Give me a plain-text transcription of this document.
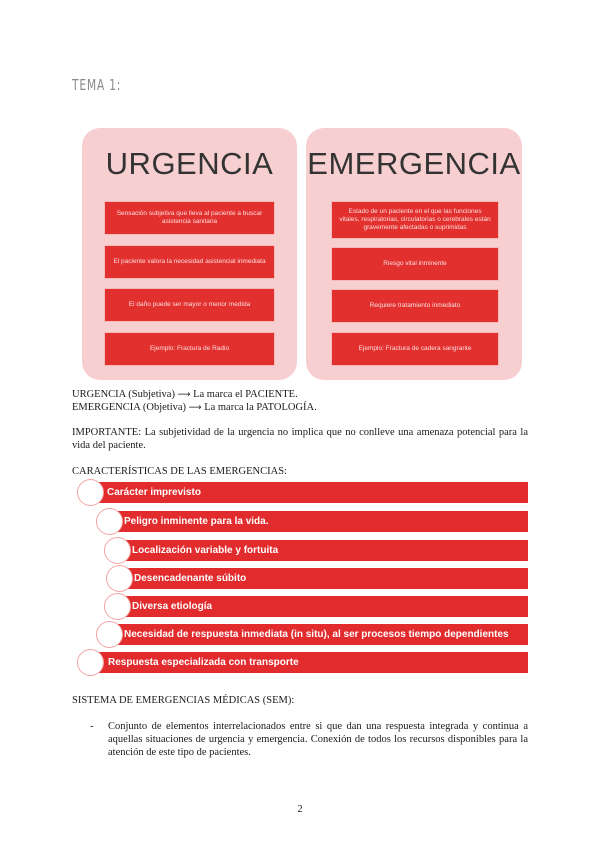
TEMA 1:
URGENCIA
Sensación subjetiva que lleva al paciente a buscar asistencia sanitaria
El paciente valora la necesidad asistencial inmediata
El daño puede ser mayor o menor medida
Ejemplo: Fractura de Radio
EMERGENCIA
Estado de un paciente en el que las funciones vitales, respiratorias, circulatorias o cerebrales están gravemente afectadas o suprimidas
Riesgo vital inminente
Requiere tratamiento inmediato
Ejemplo: Fractura de cadera sangrante
URGENCIA (Subjetiva) ⟶ La marca el PACIENTE.
EMERGENCIA (Objetiva) ⟶ La marca la PATOLOGÍA.
IMPORTANTE: La subjetividad de la urgencia no implica que no conlleve una amenaza potencial para la vida del paciente.
CARACTERÍSTICAS DE LAS EMERGENCIAS:
Carácter imprevisto
Peligro inminente para la vida.
Localización variable y fortuita
Desencadenante súbito
Diversa etiología
Necesidad de respuesta inmediata (in situ), al ser procesos tiempo dependientes
Respuesta especializada con transporte
SISTEMA DE EMERGENCIAS MÉDICAS (SEM):
- Conjunto de elementos interrelacionados entre si que dan una respuesta integrada y continua a aquellas situaciones de urgencia y emergencia. Conexión de todos los recursos disponibles para la atención de este tipo de pacientes.
2
